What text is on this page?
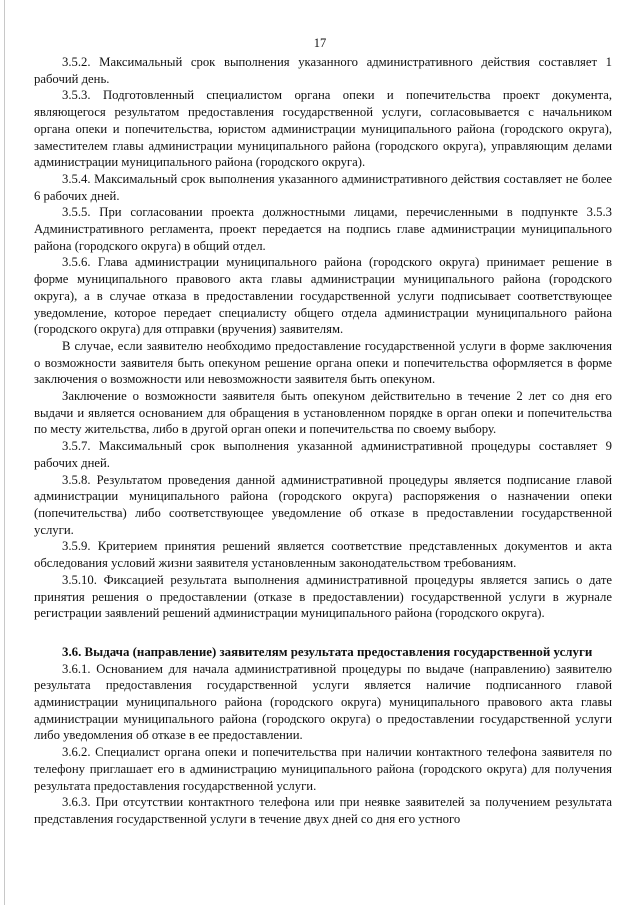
17

3.5.2. Максимальный срок выполнения указанного административного действия составляет 1 рабочий день.

3.5.3. Подготовленный специалистом органа опеки и попечительства проект документа, являющегося результатом предоставления государственной услуги, согласовывается с начальником органа опеки и попечительства, юристом администрации муниципального района (городского округа), заместителем главы администрации муниципального района (городского округа), управляющим делами администрации муниципального района (городского округа).

3.5.4. Максимальный срок выполнения указанного административного действия составляет не более 6 рабочих дней.

3.5.5. При согласовании проекта должностными лицами, перечисленными в подпункте 3.5.3 Административного регламента, проект передается на подпись главе администрации муниципального района (городского округа) в общий отдел.

3.5.6. Глава администрации муниципального района (городского округа) принимает решение в форме муниципального правового акта главы администрации муниципального района (городского округа), а в случае отказа в предоставлении государственной услуги подписывает соответствующее уведомление, которое передает специалисту общего отдела администрации муниципального района (городского округа) для отправки (вручения) заявителям.

В случае, если заявителю необходимо предоставление государственной услуги в форме заключения о возможности заявителя быть опекуном решение органа опеки и попечительства оформляется в форме заключения о возможности или невозможности заявителя быть опекуном.

Заключение о возможности заявителя быть опекуном действительно в течение 2 лет со дня его выдачи и является основанием для обращения в установленном порядке в орган опеки и попечительства по месту жительства, либо в другой орган опеки и попечительства по своему выбору.

3.5.7. Максимальный срок выполнения указанной административной процедуры составляет 9 рабочих дней.

3.5.8. Результатом проведения данной административной процедуры является подписание главой администрации муниципального района (городского округа) распоряжения о назначении опеки (попечительства) либо соответствующее уведомление об отказе в предоставлении государственной услуги.

3.5.9. Критерием принятия решений является соответствие представленных документов и акта обследования условий жизни заявителя установленным законодательством требованиям.

3.5.10. Фиксацией результата выполнения административной процедуры является запись о дате принятия решения о предоставлении (отказе в предоставлении) государственной услуги в журнале регистрации заявлений решений администрации муниципального района (городского округа).

3.6. Выдача (направление) заявителям результата предоставления государственной услуги

3.6.1. Основанием для начала административной процедуры по выдаче (направлению) заявителю результата предоставления государственной услуги является наличие подписанного главой администрации муниципального района (городского округа) муниципального правового акта главы администрации муниципального района (городского округа) о предоставлении государственной услуги либо уведомления об отказе в ее предоставлении.

3.6.2. Специалист органа опеки и попечительства при наличии контактного телефона заявителя по телефону приглашает его в администрацию муниципального района (городского округа) для получения результата предоставления государственной услуги.

3.6.3. При отсутствии контактного телефона или при неявке заявителей за получением результата представления государственной услуги в течение двух дней со дня его устного
